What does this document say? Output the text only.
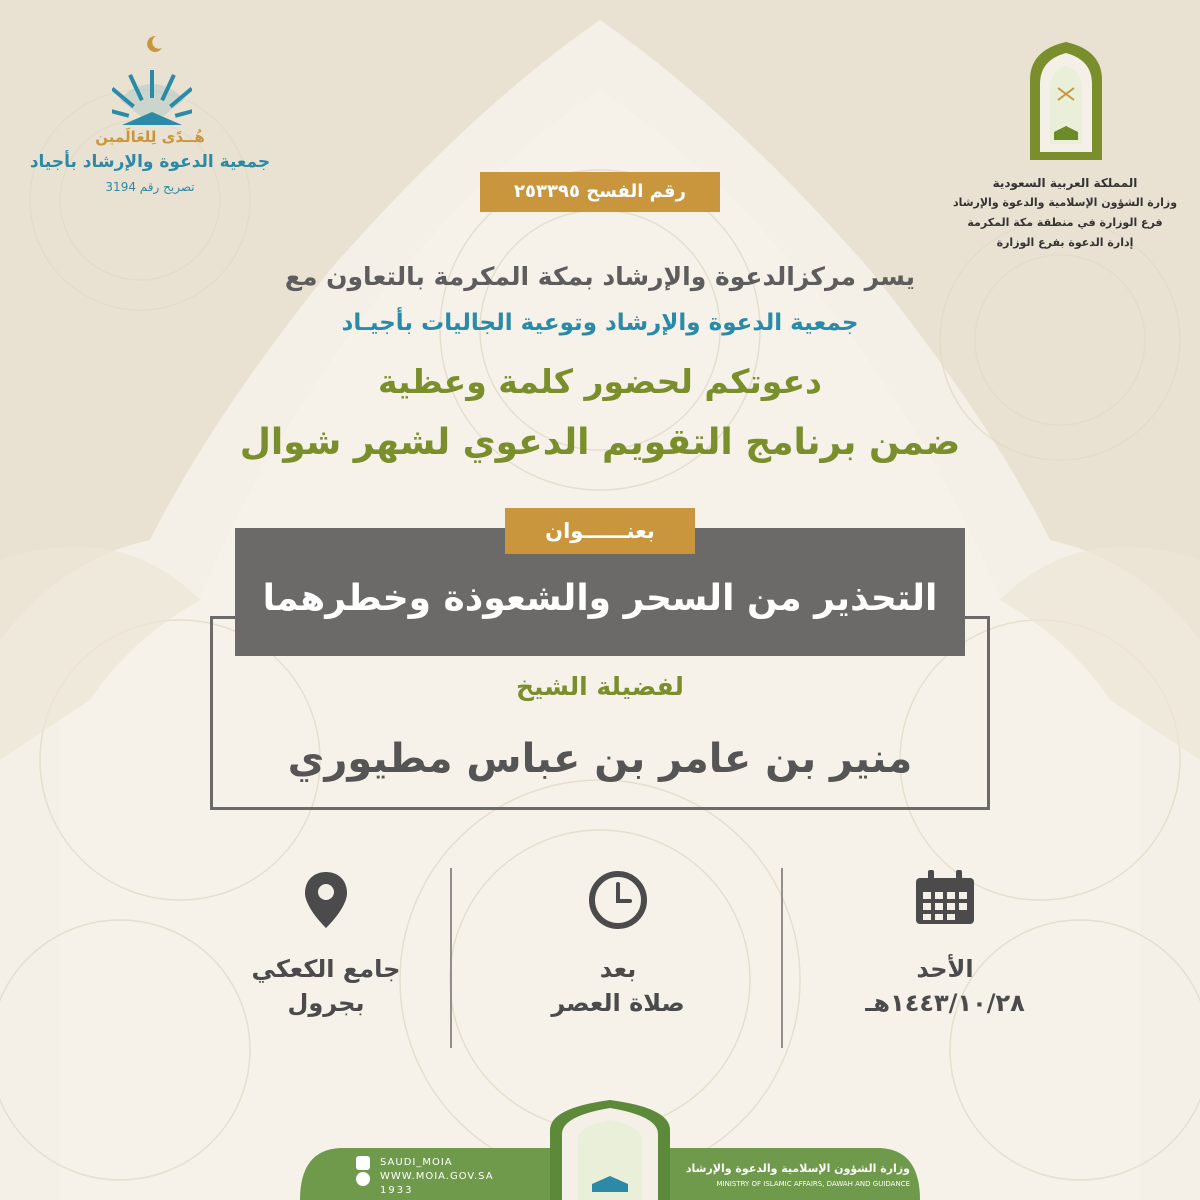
هُــدًى لِلعَالَمين
جمعية الدعوة والإرشاد بأجياد
تصريح رقم 3194	المملكة العربية السعودية
وزارة الشؤون الإسلامية والدعوة والإرشاد
فرع الوزارة في منطقة مكة المكرمة
إدارة الدعوة بفرع الوزارة
رقم الفسح ٢٥٣٣٩٥
يسر مركزالدعوة والإرشاد بمكة المكرمة بالتعاون مع
جمعية الدعوة والإرشاد وتوعية الجاليات بأجيـاد
دعوتكم لحضور كلمة وعظية
ضمن برنامج التقويم الدعوي لشهر شوال
بعنــــــوان
التحذير من السحر والشعوذة وخطرهما
لفضيلة الشيخ
منير بن عامر بن عباس مطيوري
الأحد
١٤٤٣/١٠/٢٨هـ
بعد
صلاة العصر
جامع الكعكي
بجرول
SAUDI_MOIA
WWW.MOIA.GOV.SA
1933
وزارة الشؤون الإسلامية والدعوة والإرشاد
MINISTRY OF ISLAMIC AFFAIRS, DAWAH AND GUIDANCE
